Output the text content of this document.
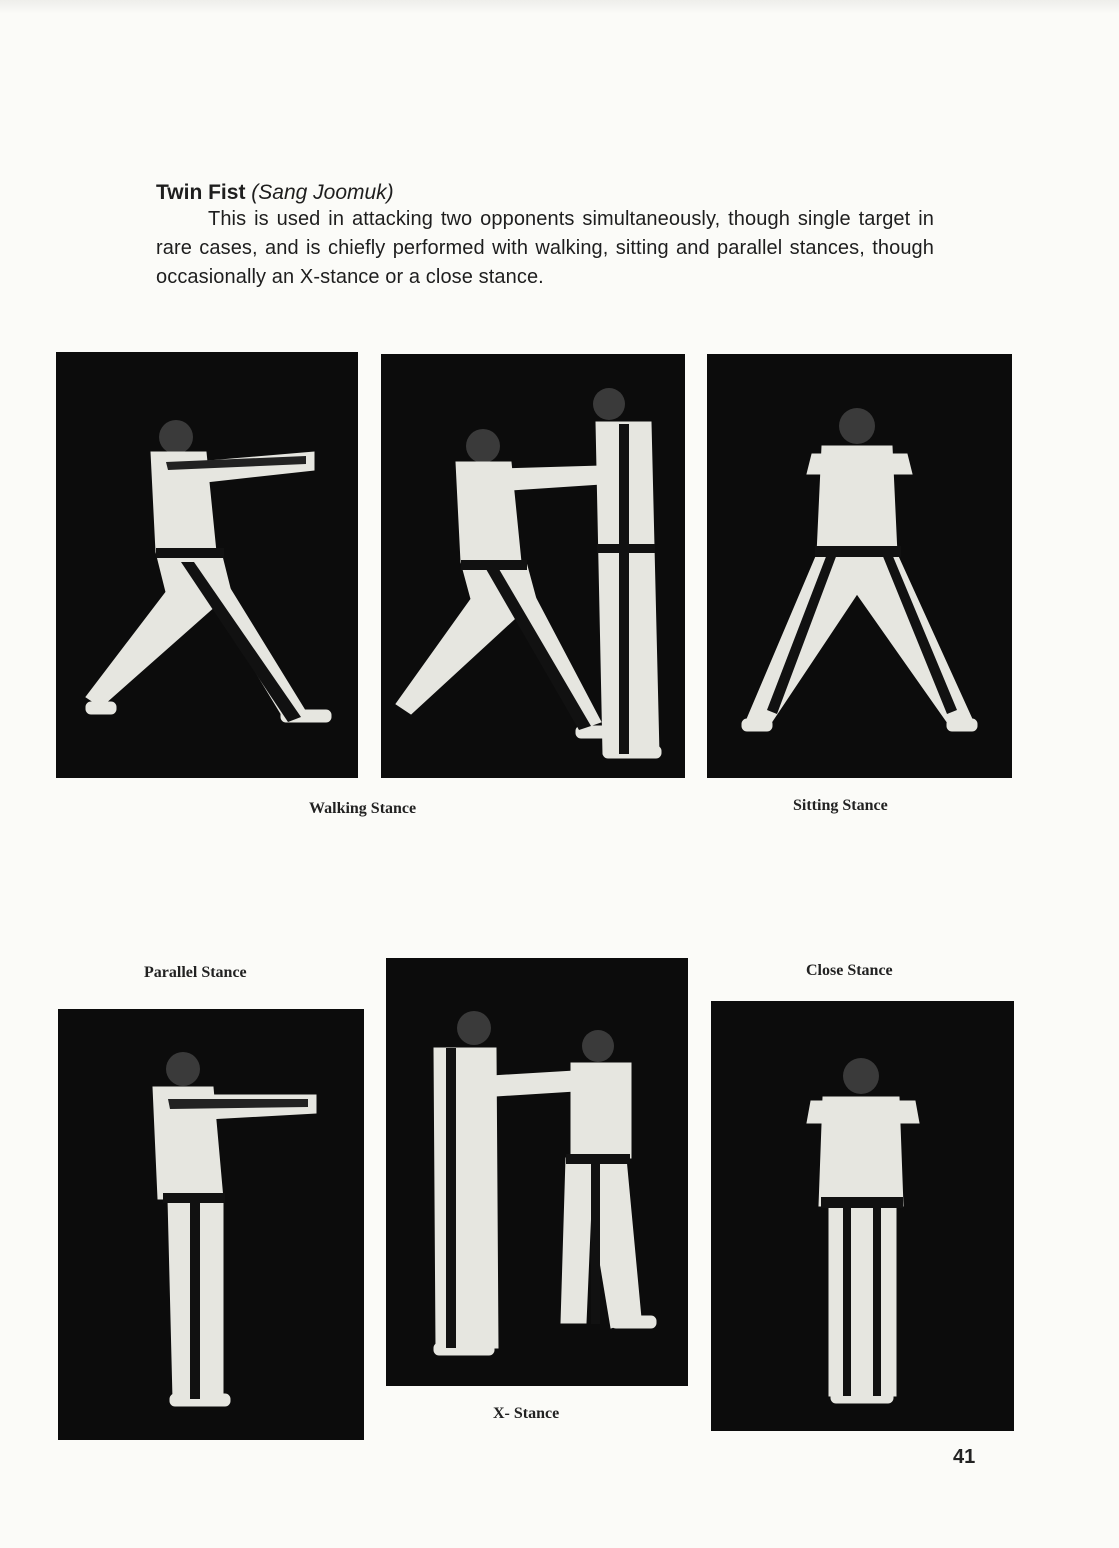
Twin Fist (Sang Joomuk)

This is used in attacking two opponents simultaneously, though single target in rare cases, and is chiefly performed with walking, sitting and parallel stances, though occasionally an X-stance or a close stance.

Walking Stance	Sitting Stance
Parallel Stance	Close Stance
X- Stance
41
